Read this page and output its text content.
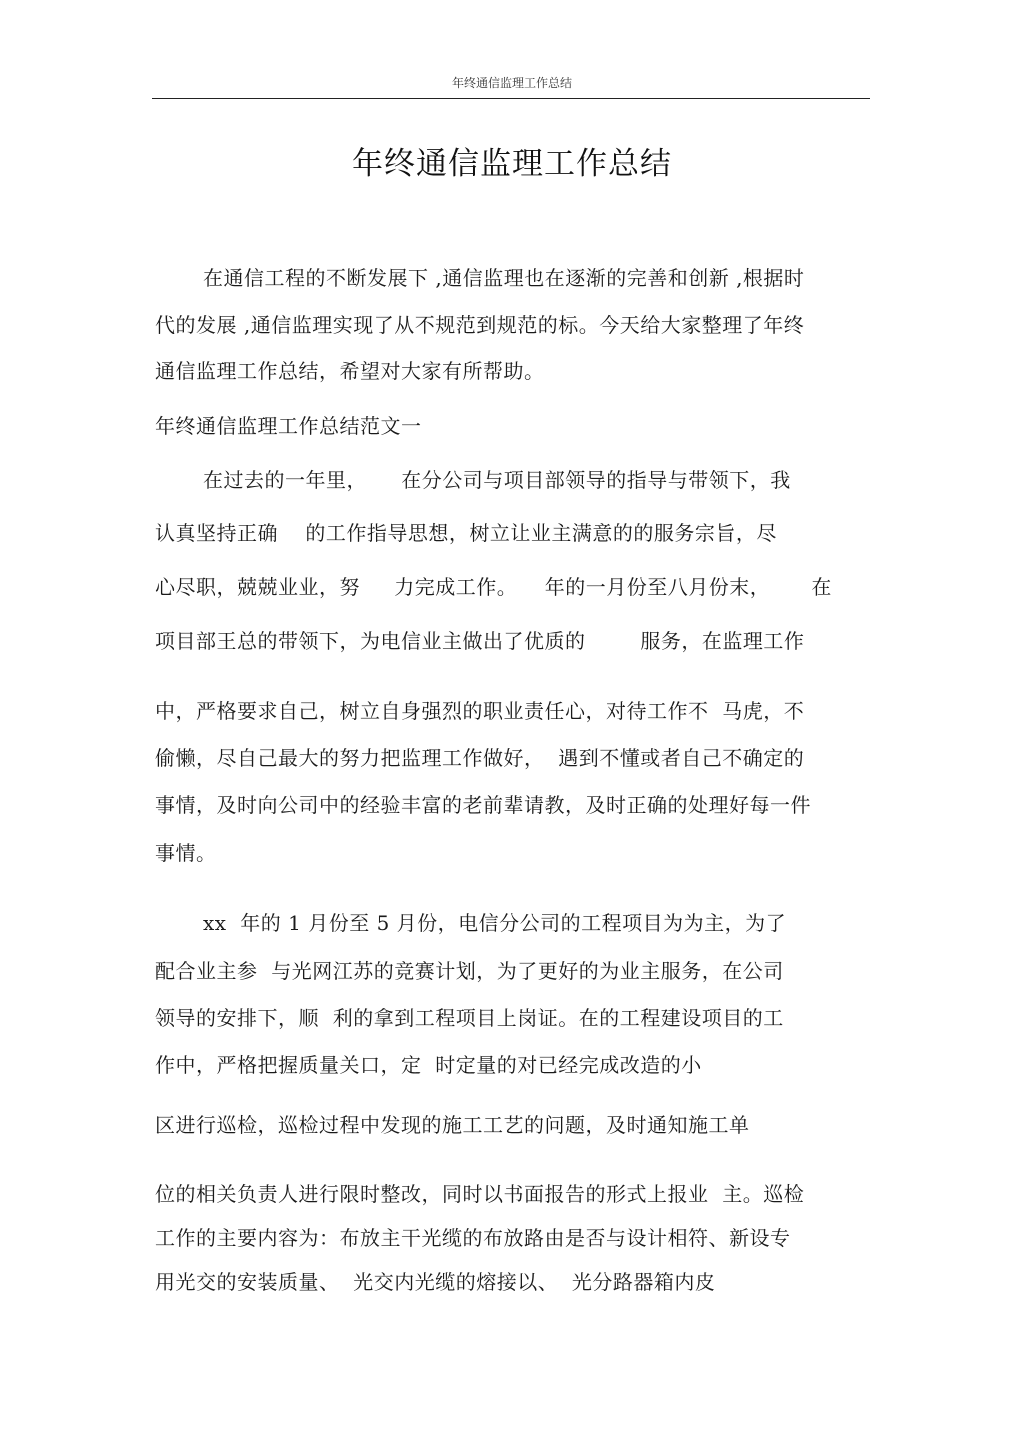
年终通信监理工作总结
年终通信监理工作总结
在通信工程的不断发展下 ,通信监理也在逐渐的完善和创新 ,根据时
代的发展 ,通信监理实现了从不规范到规范的标。今天给大家整理了年终
通信监理工作总结，希望对大家有所帮助。
年终通信监理工作总结范文一
在过去的一年里，     在分公司与项目部领导的指导与带领下，我
认真坚持正确    的工作指导思想，树立让业主满意的的服务宗旨，尽
心尽职，兢兢业业，努     力完成工作。    年的一月份至八月份末，      在
项目部王总的带领下，为电信业主做出了优质的        服务，在监理工作
中，严格要求自己，树立自身强烈的职业责任心，对待工作不  马虎，不
偷懒，尽自己最大的努力把监理工作做好，  遇到不懂或者自己不确定的
事情，及时向公司中的经验丰富的老前辈请教，及时正确的处理好每一件
事情。
xx  年的 1 月份至 5 月份，电信分公司的工程项目为为主，为了
配合业主参  与光网江苏的竞赛计划，为了更好的为业主服务，在公司
领导的安排下，顺  利的拿到工程项目上岗证。在的工程建设项目的工
作中，严格把握质量关口，定  时定量的对已经完成改造的小
区进行巡检，巡检过程中发现的施工工艺的问题，及时通知施工单
位的相关负责人进行限时整改，同时以书面报告的形式上报业  主。巡检
工作的主要内容为：布放主干光缆的布放路由是否与设计相符、新设专
用光交的安装质量、  光交内光缆的熔接以、  光分路器箱内皮
